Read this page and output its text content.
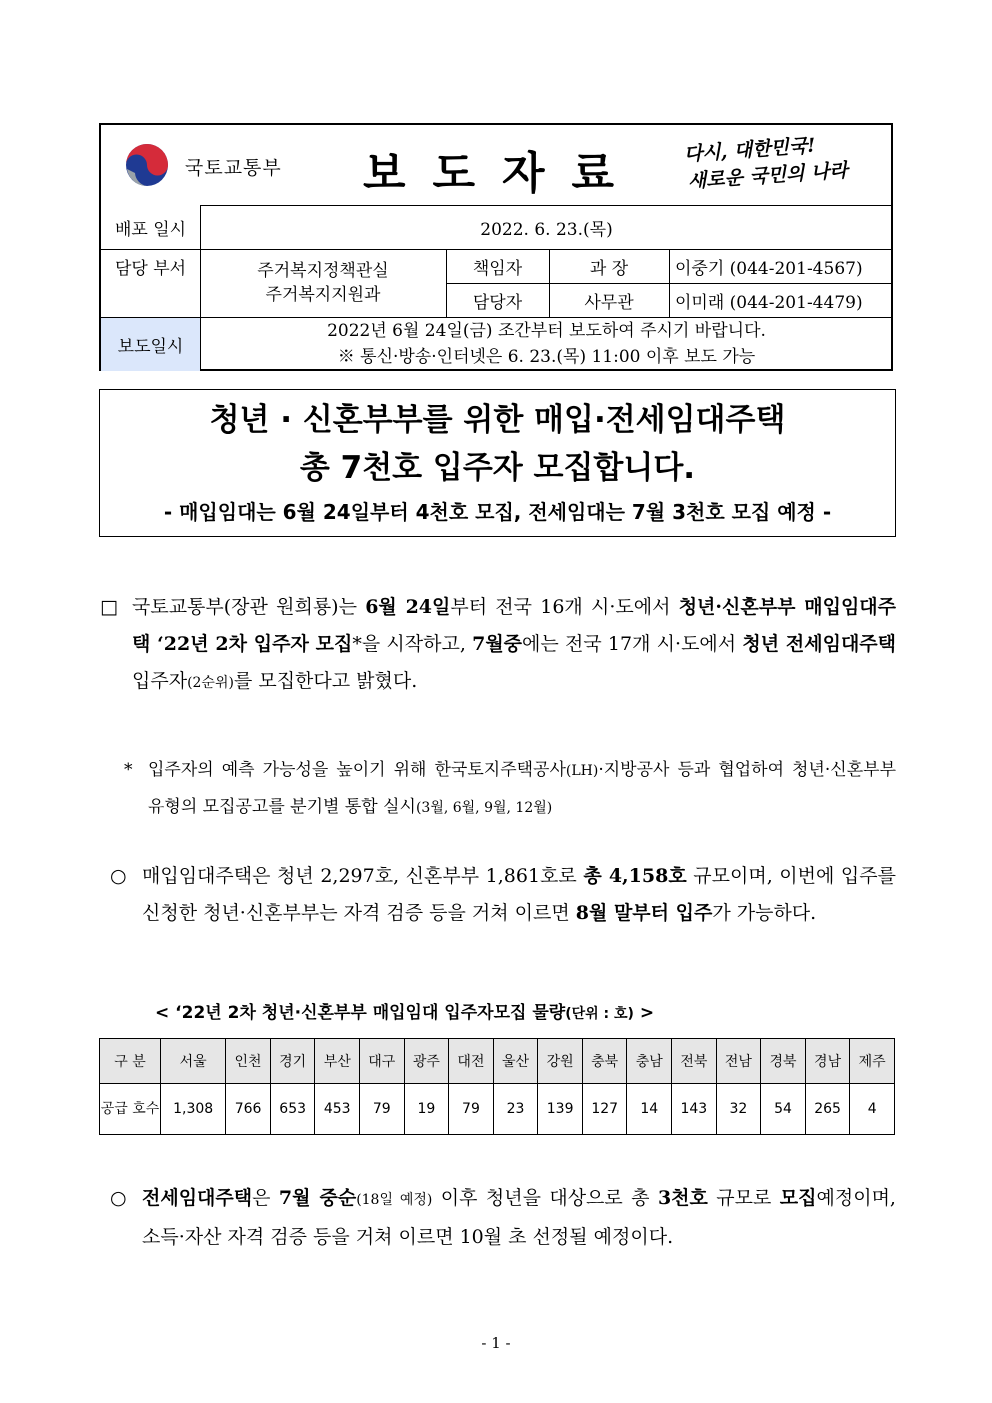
국토교통부 보도자료 다시, 대한민국!
새로운 국민의 나라
배포 일시	2022. 6. 23.(목)
담당 부서	주거복지정책관실
주거복지지원과
책임자	과 장	이중기 (044-201-4567)
담당자	사무관	이미래 (044-201-4479)
보도일시
2022년 6월 24일(금) 조간부터 보도하여 주시기 바랍니다.
※ 통신·방송·인터넷은 6. 23.(목) 11:00 이후 보도 가능
청년 · 신혼부부를 위한 매입·전세임대주택
총 7천호 입주자 모집합니다.
- 매입임대는 6월 24일부터 4천호 모집, 전세임대는 7월 3천호 모집 예정 -
□ 국토교통부(장관 원희룡)는 6월 24일부터 전국 16개 시·도에서 청년·신혼부부 매입임대주택 ‘22년 2차 입주자 모집*을 시작하고, 7월중에는 전국 17개 시·도에서 청년 전세임대주택 입주자(2순위)를 모집한다고 밝혔다.
* 입주자의 예측 가능성을 높이기 위해 한국토지주택공사(LH)·지방공사 등과 협업하여 청년·신혼부부 유형의 모집공고를 분기별 통합 실시(3월, 6월, 9월, 12월)
○ 매입임대주택은 청년 2,297호, 신혼부부 1,861호로 총 4,158호 규모이며, 이번에 입주를 신청한 청년·신혼부부는 자격 검증 등을 거쳐 이르면 8월 말부터 입주가 가능하다.
< ‘22년 2차 청년·신혼부부 매입임대 입주자모집 물량(단위 : 호) >
구 분	서울	인천	경기	부산	대구	광주	대전	울산	강원	충북	충남	전북	전남	경북	경남	제주
공급 호수	1,308	766	653	453	79	19	79	23	139	127	14	143	32	54	265	4
○ 전세임대주택은 7월 중순(18일 예정) 이후 청년을 대상으로 총 3천호 규모로 모집예정이며, 소득·자산 자격 검증 등을 거쳐 이르면 10월 초 선정될 예정이다.
- 1 -
